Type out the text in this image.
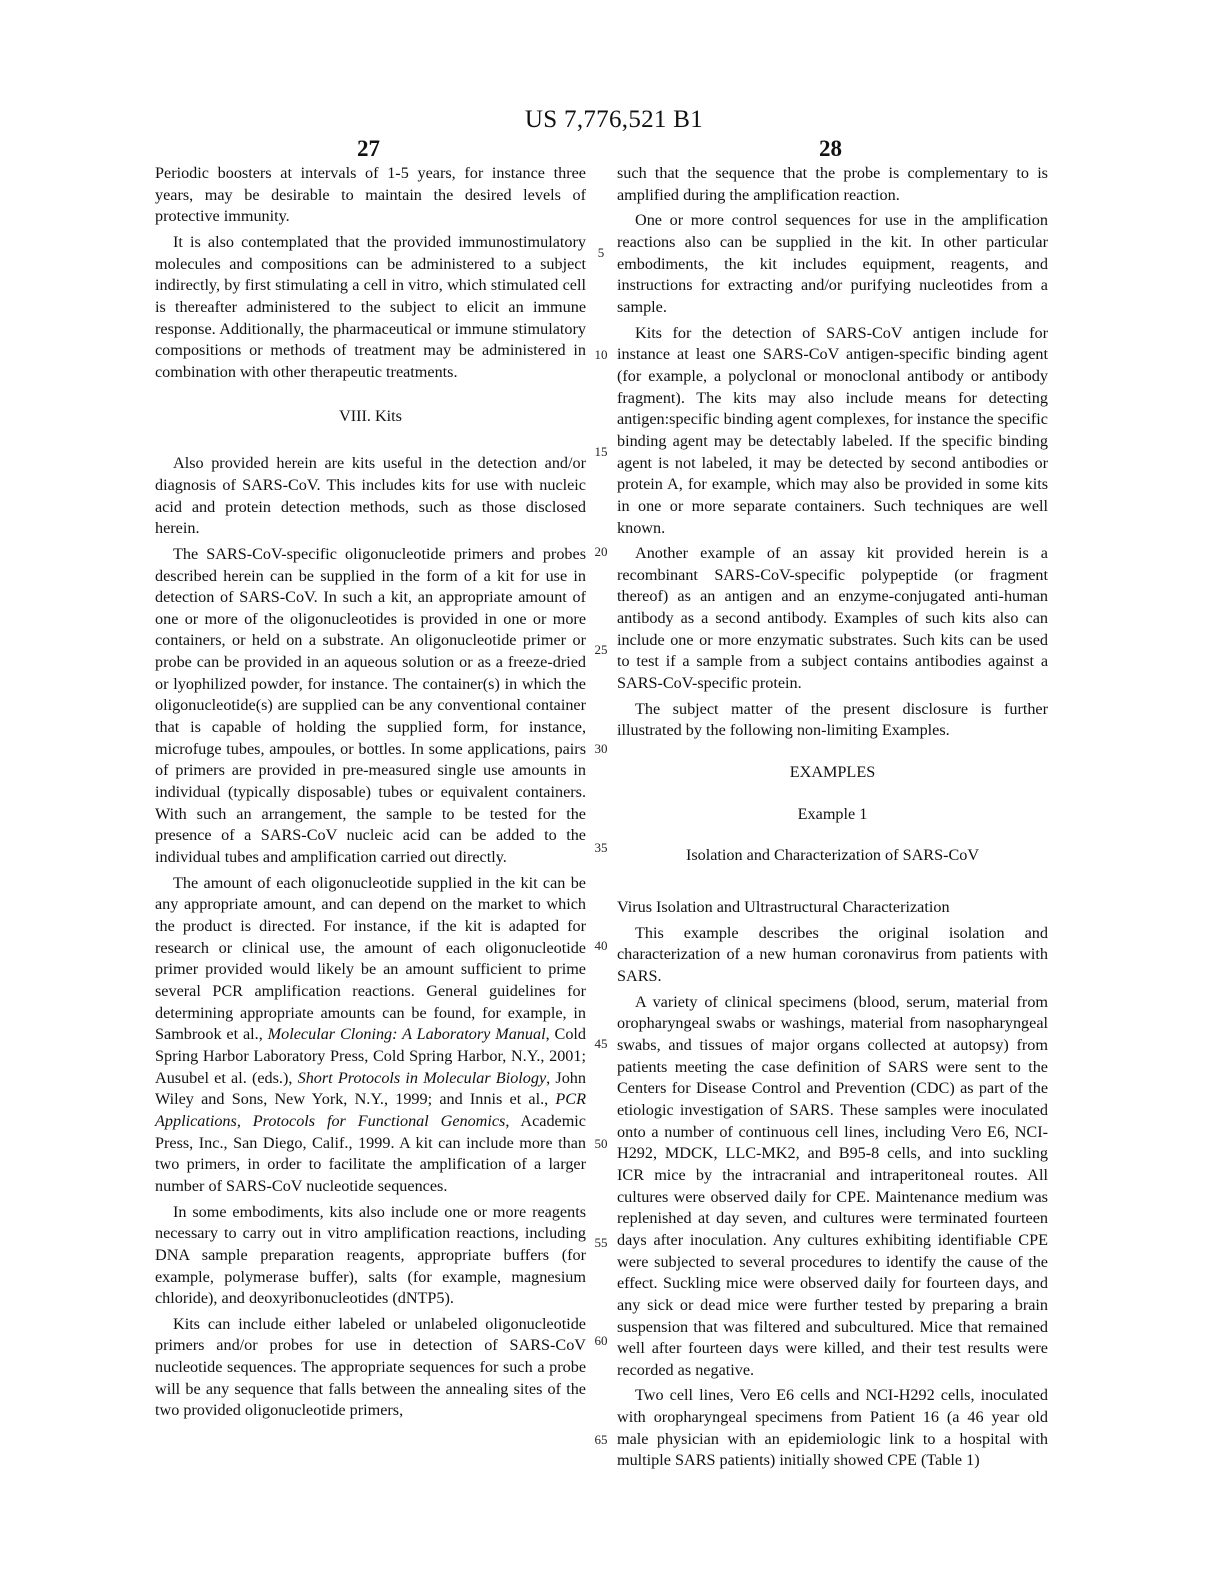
US 7,776,521 B1
27	28
5
10
15
20
25
30
35
40
45
50
55
60
65

Periodic boosters at intervals of 1-5 years, for instance three years, may be desirable to maintain the desired levels of protective immunity.

It is also contemplated that the provided immunostimulatory molecules and compositions can be administered to a subject indirectly, by first stimulating a cell in vitro, which stimulated cell is thereafter administered to the subject to elicit an immune response. Additionally, the pharmaceutical or immune stimulatory compositions or methods of treatment may be administered in combination with other therapeutic treatments.

VIII. Kits

Also provided herein are kits useful in the detection and/or diagnosis of SARS-CoV. This includes kits for use with nucleic acid and protein detection methods, such as those disclosed herein.

The SARS-CoV-specific oligonucleotide primers and probes described herein can be supplied in the form of a kit for use in detection of SARS-CoV. In such a kit, an appropriate amount of one or more of the oligonucleotides is provided in one or more containers, or held on a substrate. An oligonucleotide primer or probe can be provided in an aqueous solution or as a freeze-dried or lyophilized powder, for instance. The container(s) in which the oligonucleotide(s) are supplied can be any conventional container that is capable of holding the supplied form, for instance, microfuge tubes, ampoules, or bottles. In some applications, pairs of primers are provided in pre-measured single use amounts in individual (typically disposable) tubes or equivalent containers. With such an arrangement, the sample to be tested for the presence of a SARS-CoV nucleic acid can be added to the individual tubes and amplification carried out directly.

The amount of each oligonucleotide supplied in the kit can be any appropriate amount, and can depend on the market to which the product is directed. For instance, if the kit is adapted for research or clinical use, the amount of each oligonucleotide primer provided would likely be an amount sufficient to prime several PCR amplification reactions. General guidelines for determining appropriate amounts can be found, for example, in Sambrook et al., Molecular Cloning: A Laboratory Manual, Cold Spring Harbor Laboratory Press, Cold Spring Harbor, N.Y., 2001; Ausubel et al. (eds.), Short Protocols in Molecular Biology, John Wiley and Sons, New York, N.Y., 1999; and Innis et al., PCR Applications, Protocols for Functional Genomics, Academic Press, Inc., San Diego, Calif., 1999. A kit can include more than two primers, in order to facilitate the amplification of a larger number of SARS-CoV nucleotide sequences.

In some embodiments, kits also include one or more reagents necessary to carry out in vitro amplification reactions, including DNA sample preparation reagents, appropriate buffers (for example, polymerase buffer), salts (for example, magnesium chloride), and deoxyribonucleotides (dNTP5).

Kits can include either labeled or unlabeled oligonucleotide primers and/or probes for use in detection of SARS-CoV nucleotide sequences. The appropriate sequences for such a probe will be any sequence that falls between the annealing sites of the two provided oligonucleotide primers,

such that the sequence that the probe is complementary to is amplified during the amplification reaction.

One or more control sequences for use in the amplification reactions also can be supplied in the kit. In other particular embodiments, the kit includes equipment, reagents, and instructions for extracting and/or purifying nucleotides from a sample.

Kits for the detection of SARS-CoV antigen include for instance at least one SARS-CoV antigen-specific binding agent (for example, a polyclonal or monoclonal antibody or antibody fragment). The kits may also include means for detecting antigen:specific binding agent complexes, for instance the specific binding agent may be detectably labeled. If the specific binding agent is not labeled, it may be detected by second antibodies or protein A, for example, which may also be provided in some kits in one or more separate containers. Such techniques are well known.

Another example of an assay kit provided herein is a recombinant SARS-CoV-specific polypeptide (or fragment thereof) as an antigen and an enzyme-conjugated anti-human antibody as a second antibody. Examples of such kits also can include one or more enzymatic substrates. Such kits can be used to test if a sample from a subject contains antibodies against a SARS-CoV-specific protein.

The subject matter of the present disclosure is further illustrated by the following non-limiting Examples.

EXAMPLES
Example 1
Isolation and Characterization of SARS-CoV

Virus Isolation and Ultrastructural Characterization

This example describes the original isolation and characterization of a new human coronavirus from patients with SARS.

A variety of clinical specimens (blood, serum, material from oropharyngeal swabs or washings, material from nasopharyngeal swabs, and tissues of major organs collected at autopsy) from patients meeting the case definition of SARS were sent to the Centers for Disease Control and Prevention (CDC) as part of the etiologic investigation of SARS. These samples were inoculated onto a number of continuous cell lines, including Vero E6, NCI-H292, MDCK, LLC-MK2, and B95-8 cells, and into suckling ICR mice by the intracranial and intraperitoneal routes. All cultures were observed daily for CPE. Maintenance medium was replenished at day seven, and cultures were terminated fourteen days after inoculation. Any cultures exhibiting identifiable CPE were subjected to several procedures to identify the cause of the effect. Suckling mice were observed daily for fourteen days, and any sick or dead mice were further tested by preparing a brain suspension that was filtered and subcultured. Mice that remained well after fourteen days were killed, and their test results were recorded as negative.

Two cell lines, Vero E6 cells and NCI-H292 cells, inoculated with oropharyngeal specimens from Patient 16 (a 46 year old male physician with an epidemiologic link to a hospital with multiple SARS patients) initially showed CPE (Table 1)
